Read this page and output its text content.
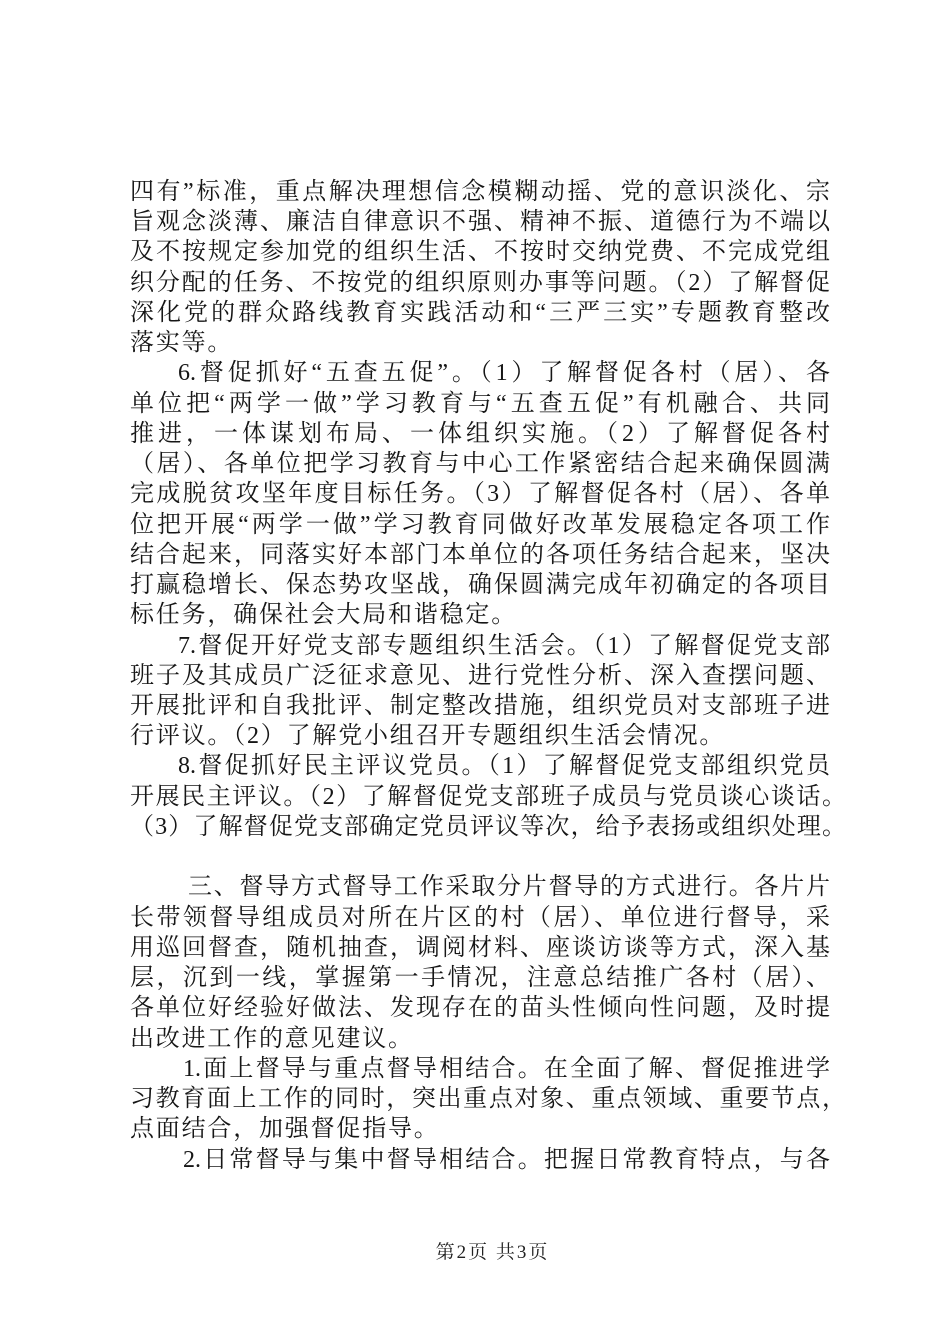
四有”标准，重点解决理想信念模糊动摇、党的意识淡化、宗
旨观念淡薄、廉洁自律意识不强、精神不振、道德行为不端以
及不按规定参加党的组织生活、不按时交纳党费、不完成党组
织分配的任务、不按党的组织原则办事等问题。（2）了解督促
深化党的群众路线教育实践活动和“三严三实”专题教育整改
落实等。
6.督促抓好“五查五促”。（1）了解督促各村（居）、各
单位把“两学一做”学习教育与“五查五促”有机融合、共同
推进，一体谋划布局、一体组织实施。（2）了解督促各村
（居）、各单位把学习教育与中心工作紧密结合起来确保圆满
完成脱贫攻坚年度目标任务。（3）了解督促各村（居）、各单
位把开展“两学一做”学习教育同做好改革发展稳定各项工作
结合起来，同落实好本部门本单位的各项任务结合起来，坚决
打赢稳增长、保态势攻坚战，确保圆满完成年初确定的各项目
标任务，确保社会大局和谐稳定。
7.督促开好党支部专题组织生活会。（1）了解督促党支部
班子及其成员广泛征求意见、进行党性分析、深入查摆问题、
开展批评和自我批评、制定整改措施，组织党员对支部班子进
行评议。（2）了解党小组召开专题组织生活会情况。
8.督促抓好民主评议党员。（1）了解督促党支部组织党员
开展民主评议。（2）了解督促党支部班子成员与党员谈心谈话。
（3）了解督促党支部确定党员评议等次，给予表扬或组织处理。
三、督导方式督导工作采取分片督导的方式进行。各片片
长带领督导组成员对所在片区的村（居）、单位进行督导，采
用巡回督查，随机抽查，调阅材料、座谈访谈等方式，深入基
层，沉到一线，掌握第一手情况，注意总结推广各村（居）、
各单位好经验好做法、发现存在的苗头性倾向性问题，及时提
出改进工作的意见建议。
1.面上督导与重点督导相结合。在全面了解、督促推进学
习教育面上工作的同时，突出重点对象、重点领域、重要节点，
点面结合，加强督促指导。
2.日常督导与集中督导相结合。把握日常教育特点，与各
第2页 共3页
